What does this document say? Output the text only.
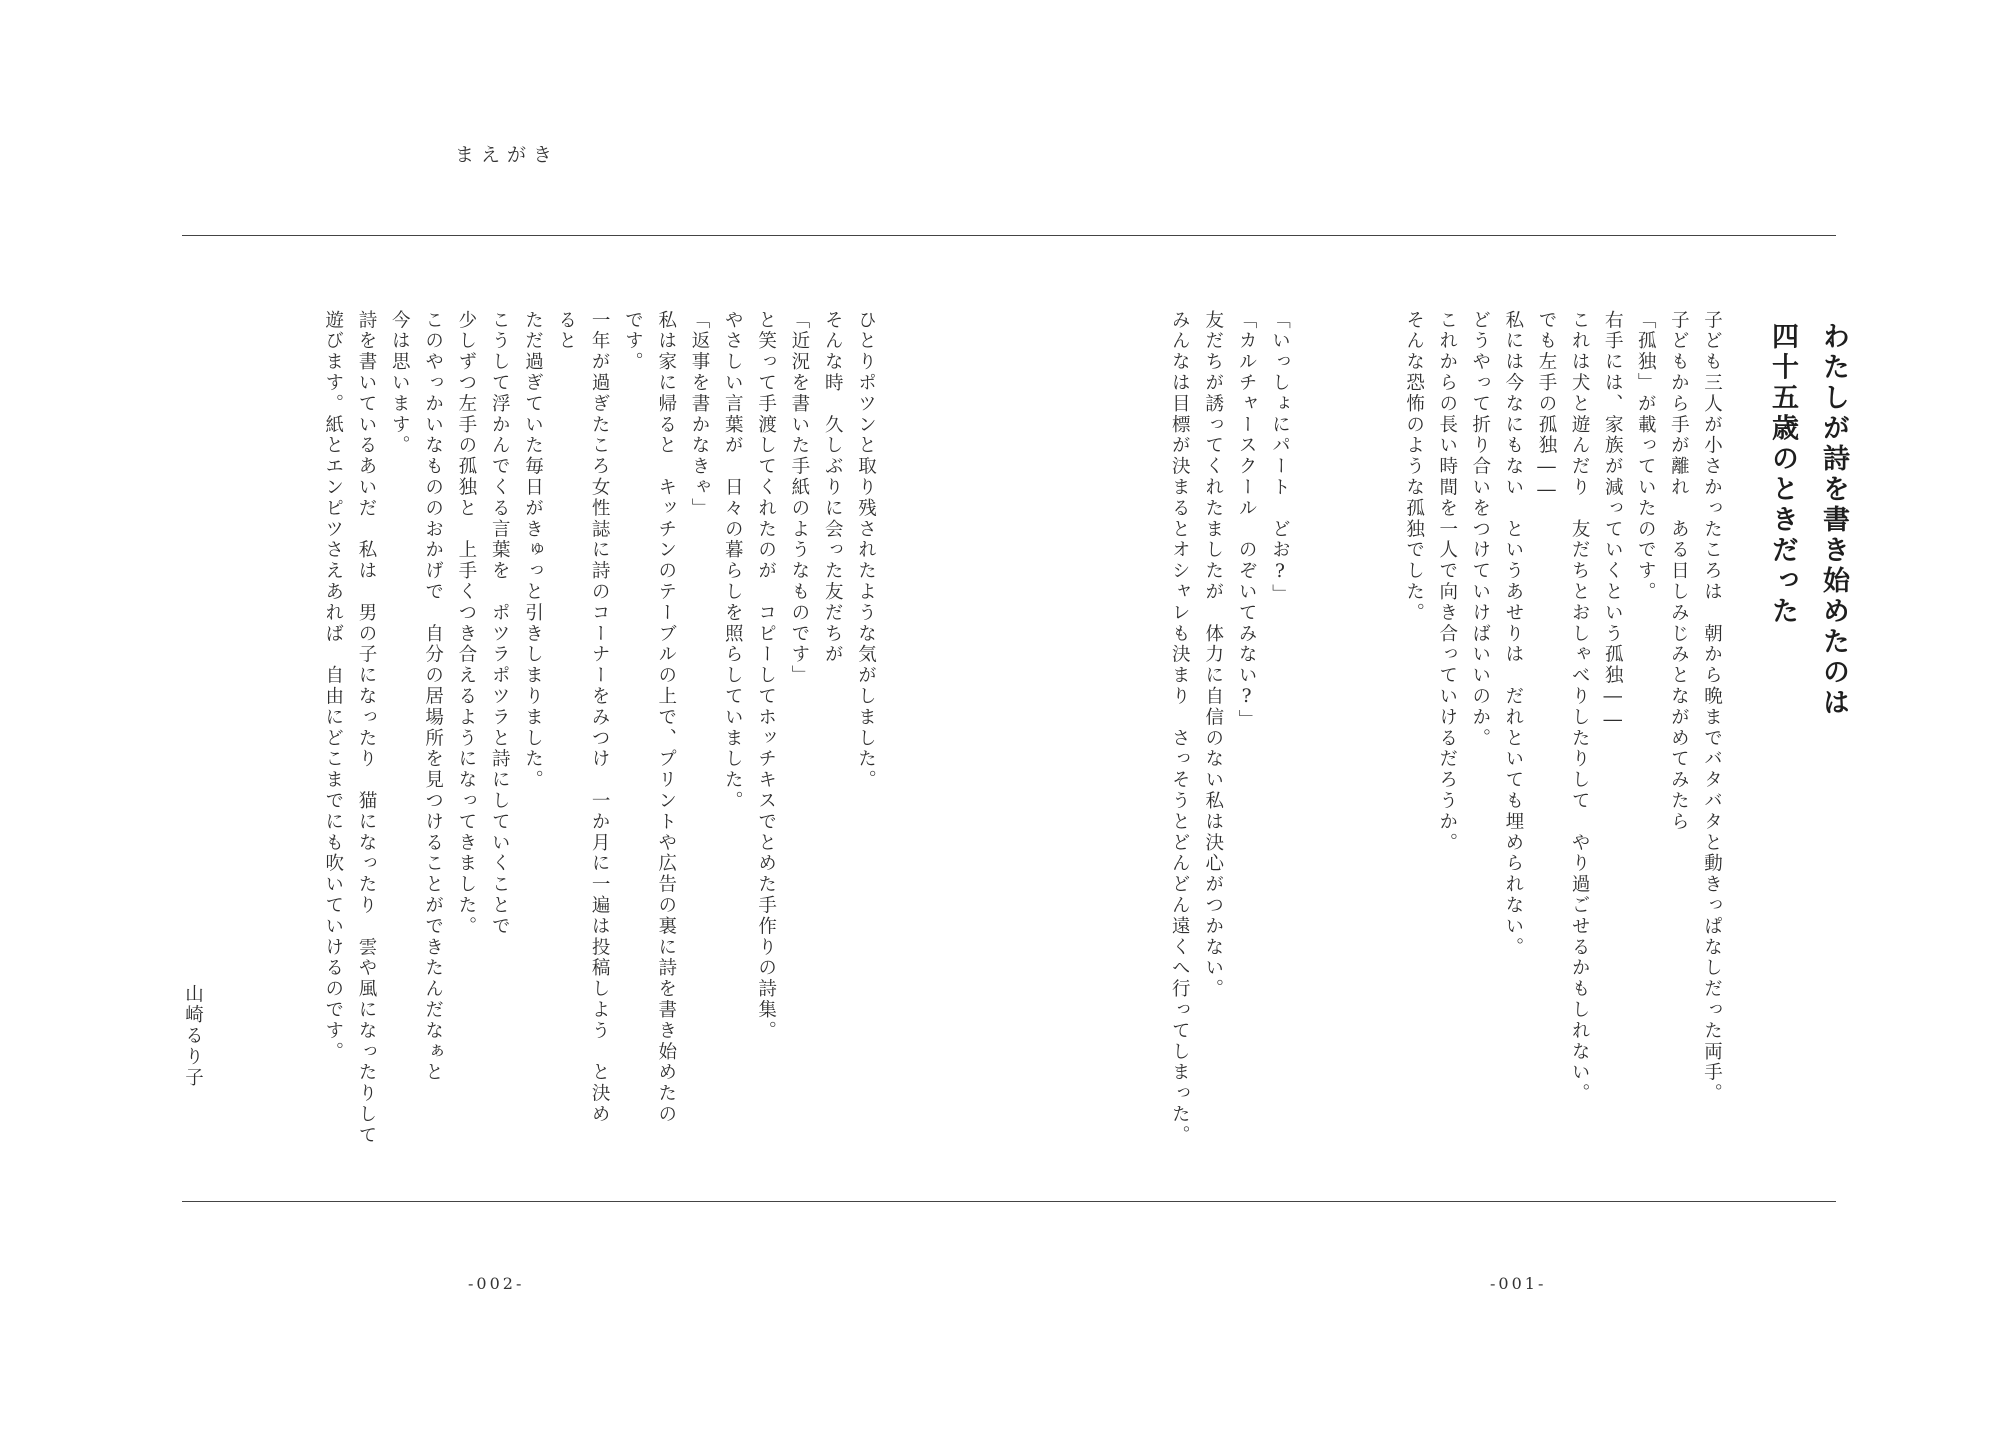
まえがき
わたしが詩を書き始めたのは
四十五歳のときだった
子ども三人が小さかったころは　朝から晩までバタバタと動きっぱなしだった両手。
子どもから手が離れ　ある日しみじみとながめてみたら
「孤独」が載っていたのです。
右手には、家族が減っていくという孤独――
これは犬と遊んだり　友だちとおしゃべりしたりして　やり過ごせるかもしれない。
でも左手の孤独――
私には今なにもない　というあせりは　だれといても埋められない。
どうやって折り合いをつけていけばいいのか。
これからの長い時間を一人で向き合っていけるだろうか。
そんな恐怖のような孤独でした。
「いっしょにパート　どお?」
「カルチャースクール　のぞいてみない?」
友だちが誘ってくれたましたが　体力に自信のない私は決心がつかない。
みんなは目標が決まるとオシャレも決まり　さっそうとどんどん遠くへ行ってしまった。
ひとりポツンと取り残されたような気がしました。
そんな時　久しぶりに会った友だちが
「近況を書いた手紙のようなものです」
と笑って手渡してくれたのが　コピーしてホッチキスでとめた手作りの詩集。
やさしい言葉が　日々の暮らしを照らしていました。
「返事を書かなきゃ」
私は家に帰ると　キッチンのテーブルの上で、プリントや広告の裏に詩を書き始めたの
です。
一年が過ぎたころ女性誌に詩のコーナーをみつけ　一か月に一遍は投稿しよう　と決め
ると
ただ過ぎていた毎日がきゅっと引きしまりました。
こうして浮かんでくる言葉を　ポツラポツラと詩にしていくことで
少しずつ左手の孤独と　上手くつき合えるようになってきました。
このやっかいなもののおかげで　自分の居場所を見つけることができたんだなぁと
今は思います。
詩を書いているあいだ　私は　男の子になったり　猫になったり　雲や風になったりして
遊びます。紙とエンピツさえあれば　自由にどこまでにも吹いていけるのです。
山崎るり子
-002-	-001-
